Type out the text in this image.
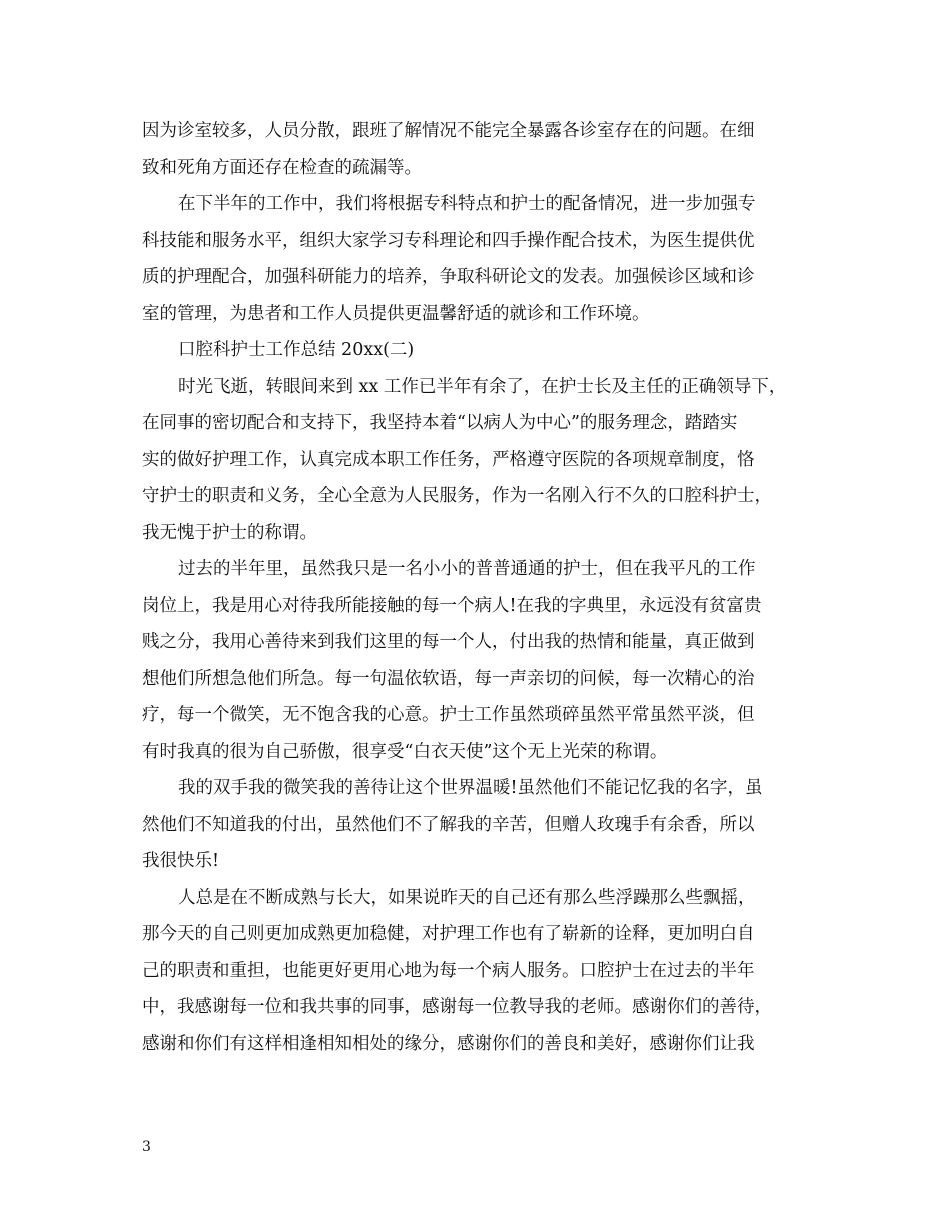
因为诊室较多，人员分散，跟班了解情况不能完全暴露各诊室存在的问题。在细
致和死角方面还存在检查的疏漏等。
在下半年的工作中，我们将根据专科特点和护士的配备情况，进一步加强专
科技能和服务水平，组织大家学习专科理论和四手操作配合技术，为医生提供优
质的护理配合，加强科研能力的培养，争取科研论文的发表。加强候诊区域和诊
室的管理，为患者和工作人员提供更温馨舒适的就诊和工作环境。
口腔科护士工作总结 20xx(二)
时光飞逝，转眼间来到 xx 工作已半年有余了，在护士长及主任的正确领导下，
在同事的密切配合和支持下，我坚持本着“以病人为中心”的服务理念，踏踏实
实的做好护理工作，认真完成本职工作任务，严格遵守医院的各项规章制度，恪
守护士的职责和义务，全心全意为人民服务，作为一名刚入行不久的口腔科护士，
我无愧于护士的称谓。
过去的半年里，虽然我只是一名小小的普普通通的护士，但在我平凡的工作
岗位上，我是用心对待我所能接触的每一个病人!在我的字典里，永远没有贫富贵
贱之分，我用心善待来到我们这里的每一个人，付出我的热情和能量，真正做到
想他们所想急他们所急。每一句温依软语，每一声亲切的问候，每一次精心的治
疗，每一个微笑，无不饱含我的心意。护士工作虽然琐碎虽然平常虽然平淡，但
有时我真的很为自己骄傲，很享受“白衣天使”这个无上光荣的称谓。
我的双手我的微笑我的善待让这个世界温暖!虽然他们不能记忆我的名字，虽
然他们不知道我的付出，虽然他们不了解我的辛苦，但赠人玫瑰手有余香，所以
我很快乐!
人总是在不断成熟与长大，如果说昨天的自己还有那么些浮躁那么些飘摇，
那今天的自己则更加成熟更加稳健，对护理工作也有了崭新的诠释，更加明白自
己的职责和重担，也能更好更用心地为每一个病人服务。口腔护士在过去的半年
中，我感谢每一位和我共事的同事，感谢每一位教导我的老师。感谢你们的善待，
感谢和你们有这样相逢相知相处的缘分，感谢你们的善良和美好，感谢你们让我
3
